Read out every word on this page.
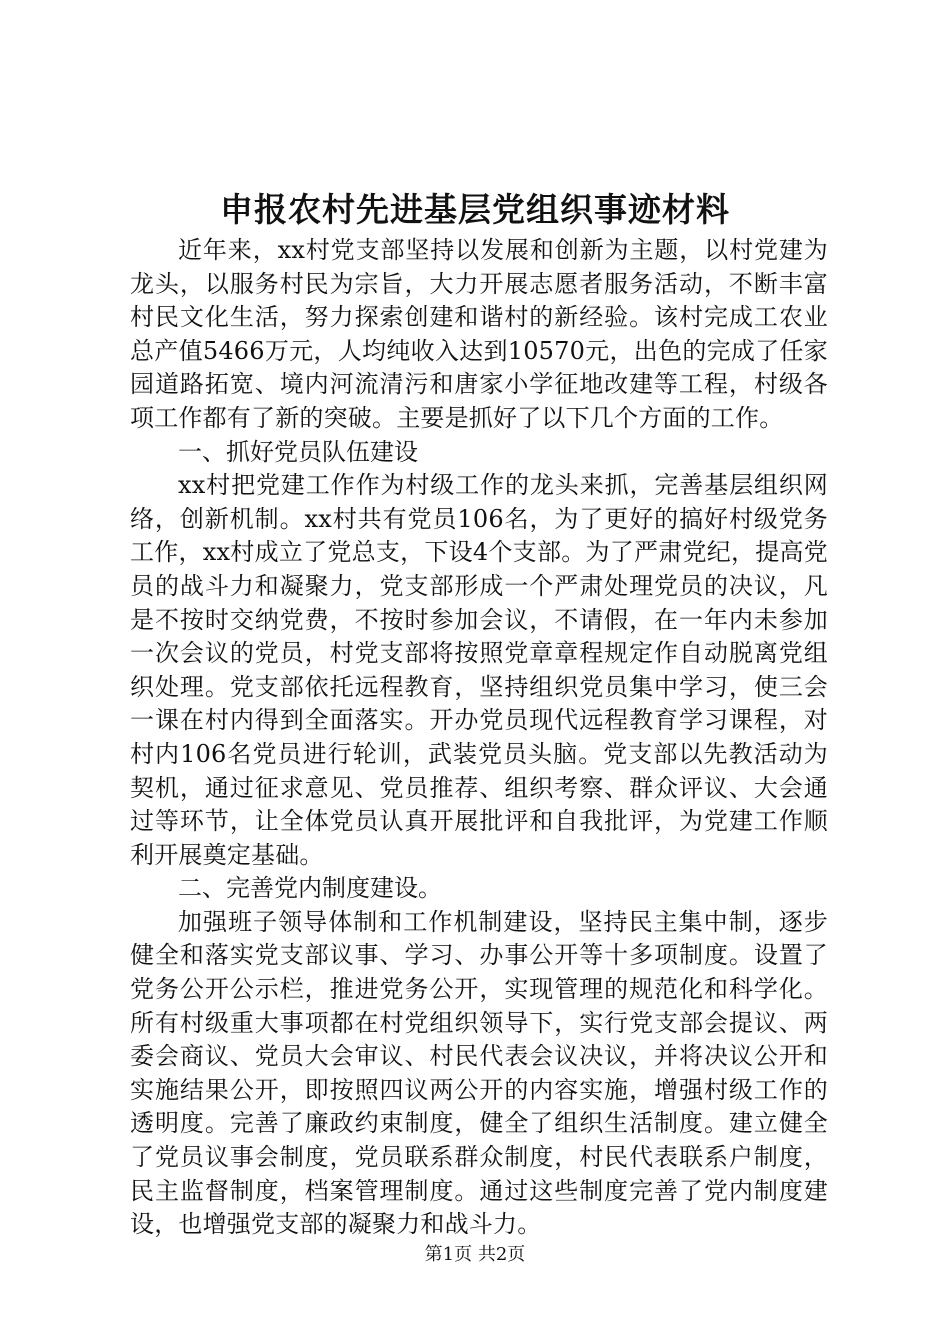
申报农村先进基层党组织事迹材料

近年来，xx村党支部坚持以发展和创新为主题，以村党建为龙头，以服务村民为宗旨，大力开展志愿者服务活动，不断丰富村民文化生活，努力探索创建和谐村的新经验。该村完成工农业总产值5466万元，人均纯收入达到10570元，出色的完成了任家园道路拓宽、境内河流清污和唐家小学征地改建等工程，村级各项工作都有了新的突破。主要是抓好了以下几个方面的工作。

一、抓好党员队伍建设

xx村把党建工作作为村级工作的龙头来抓，完善基层组织网络，创新机制。xx村共有党员106名，为了更好的搞好村级党务工作，xx村成立了党总支，下设4个支部。为了严肃党纪，提高党员的战斗力和凝聚力，党支部形成一个严肃处理党员的决议，凡是不按时交纳党费，不按时参加会议，不请假，在一年内未参加一次会议的党员，村党支部将按照党章章程规定作自动脱离党组织处理。党支部依托远程教育，坚持组织党员集中学习，使三会一课在村内得到全面落实。开办党员现代远程教育学习课程，对村内106名党员进行轮训，武装党员头脑。党支部以先教活动为契机，通过征求意见、党员推荐、组织考察、群众评议、大会通过等环节，让全体党员认真开展批评和自我批评，为党建工作顺利开展奠定基础。

二、完善党内制度建设。

加强班子领导体制和工作机制建设，坚持民主集中制，逐步健全和落实党支部议事、学习、办事公开等十多项制度。设置了党务公开公示栏，推进党务公开，实现管理的规范化和科学化。所有村级重大事项都在村党组织领导下，实行党支部会提议、两委会商议、党员大会审议、村民代表会议决议，并将决议公开和实施结果公开，即按照四议两公开的内容实施，增强村级工作的透明度。完善了廉政约束制度，健全了组织生活制度。建立健全了党员议事会制度，党员联系群众制度，村民代表联系户制度，民主监督制度，档案管理制度。通过这些制度完善了党内制度建设，也增强党支部的凝聚力和战斗力。

第1页 共2页
